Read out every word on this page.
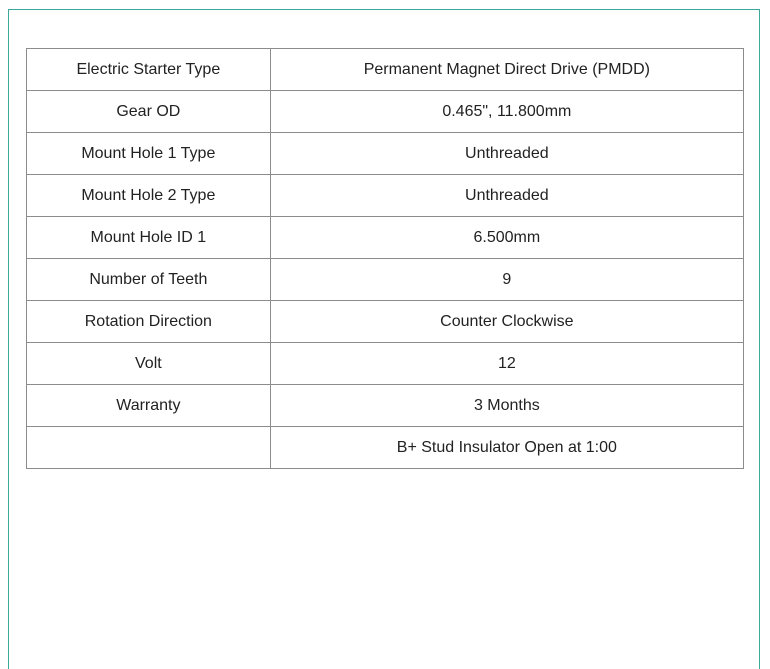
Electric Starter Type	Permanent Magnet Direct Drive (PMDD)
Gear OD	0.465", 11.800mm
Mount Hole 1 Type	Unthreaded
Mount Hole 2 Type	Unthreaded
Mount Hole ID 1	6.500mm
Number of Teeth	9
Rotation Direction	Counter Clockwise
Volt	12
Warranty	3 Months
	B+ Stud Insulator Open at 1:00
